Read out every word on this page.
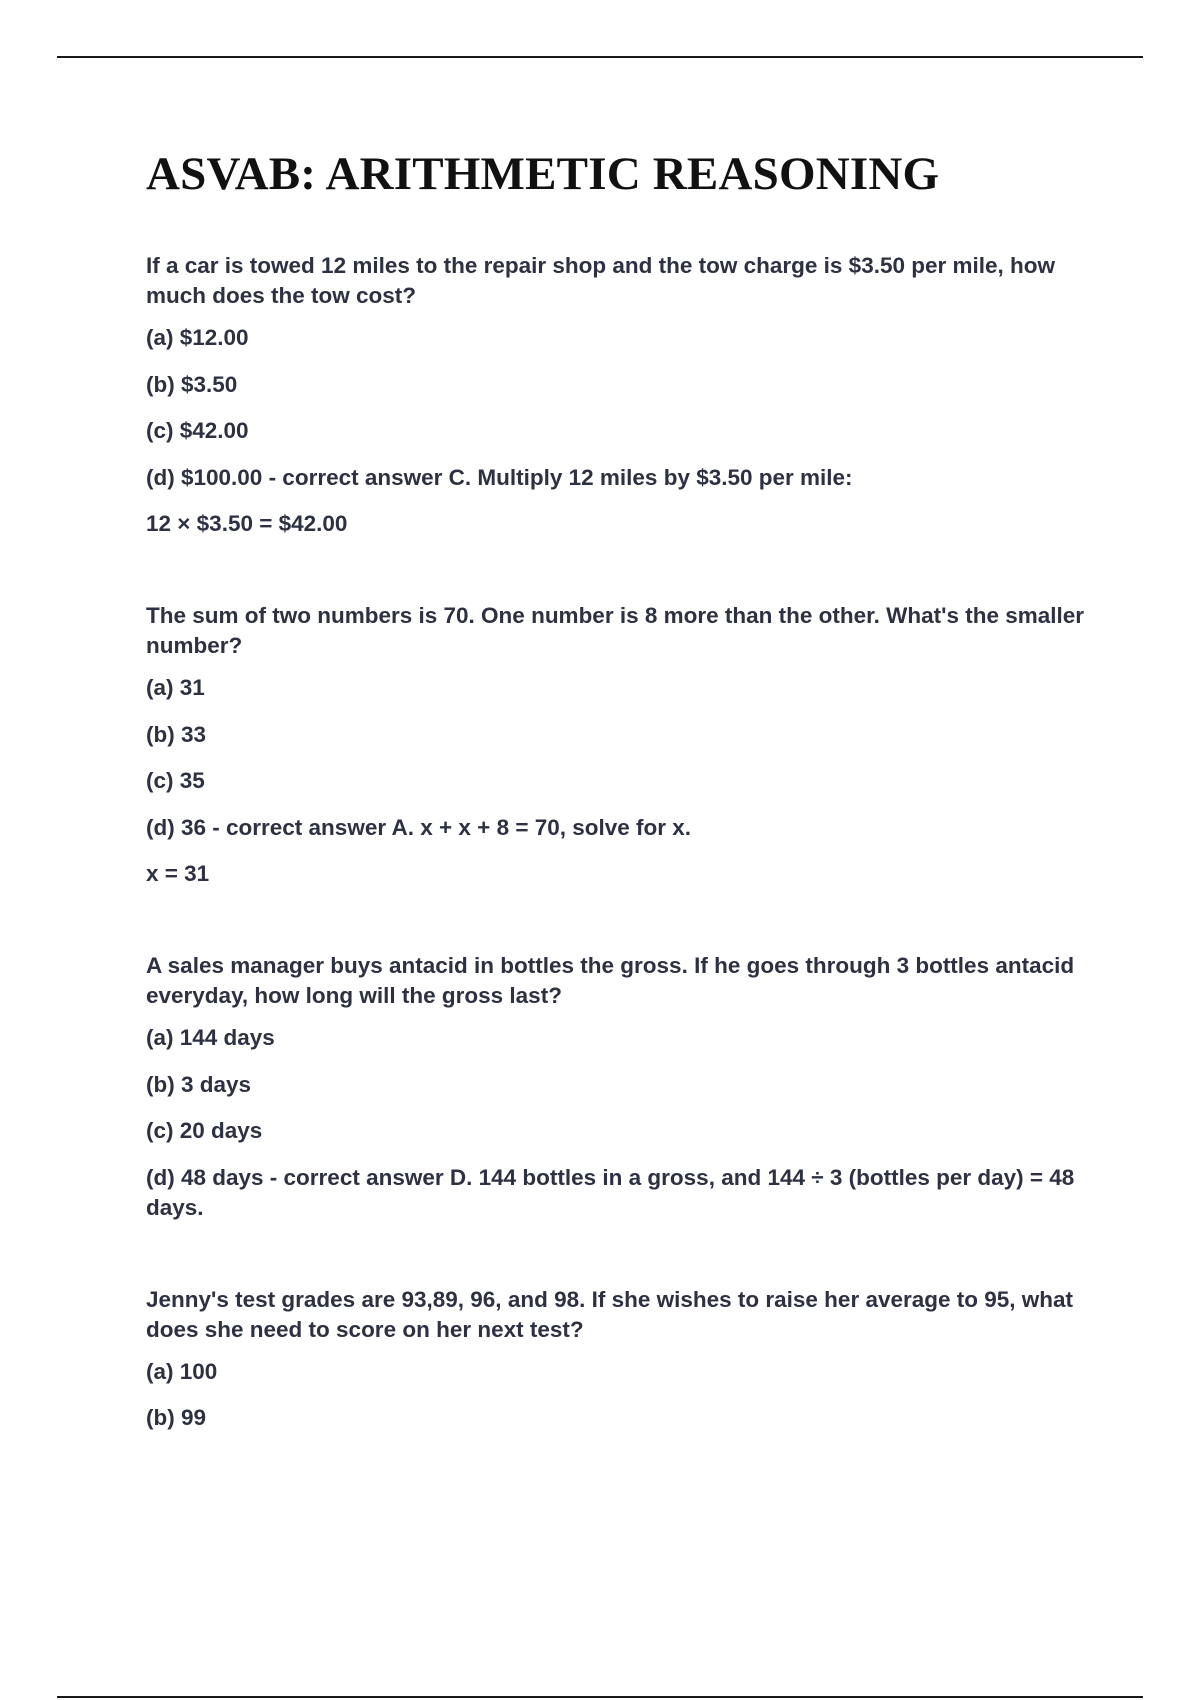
ASVAB: ARITHMETIC REASONING

If a car is towed 12 miles to the repair shop and the tow charge is $3.50 per mile, how much does the tow cost?

(a) $12.00

(b) $3.50

(c) $42.00

(d) $100.00 - correct answer C. Multiply 12 miles by $3.50 per mile:

12 × $3.50 = $42.00

The sum of two numbers is 70. One number is 8 more than the other. What's the smaller number?

(a) 31

(b) 33

(c) 35

(d) 36 - correct answer A. x + x + 8 = 70, solve for x.

x = 31

A sales manager buys antacid in bottles the gross. If he goes through 3 bottles antacid everyday, how long will the gross last?

(a) 144 days

(b) 3 days

(c) 20 days

(d) 48 days - correct answer D. 144 bottles in a gross, and 144 ÷ 3 (bottles per day) = 48 days.

Jenny's test grades are 93,89, 96, and 98. If she wishes to raise her average to 95, what does she need to score on her next test?

(a) 100

(b) 99
